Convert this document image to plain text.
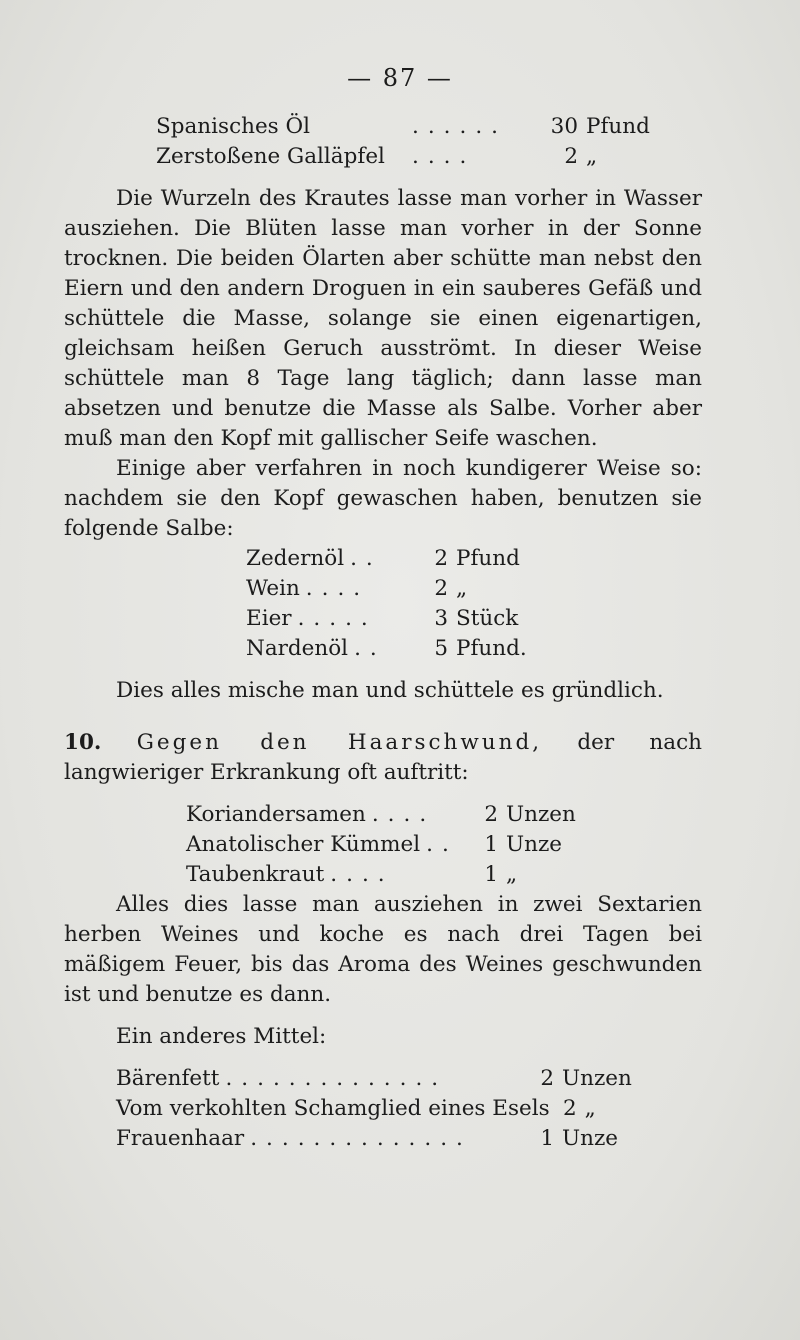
— 87 —
Spanisches Öl	......	30 Pfund
Zerstoßene Galläpfel	....	2 „

Die Wurzeln des Krautes lasse man vorher in Wasser ausziehen. Die Blüten lasse man vorher in der Sonne trocknen. Die beiden Ölarten aber schütte man nebst den Eiern und den andern Droguen in ein sauberes Gefäß und schüttele die Masse, solange sie einen eigenartigen, gleichsam heißen Geruch ausströmt. In dieser Weise schüttele man 8 Tage lang täglich; dann lasse man absetzen und benutze die Masse als Salbe. Vorher aber muß man den Kopf mit gallischer Seife waschen.

Einige aber verfahren in noch kundigerer Weise so: nachdem sie den Kopf gewaschen haben, benutzen sie folgende Salbe:

Zedernöl ..	2 Pfund
Wein ....	2 „
Eier .....	3 Stück
Nardenöl ..	5 Pfund.

Dies alles mische man und schüttele es gründlich.

10. Gegen den Haarschwund, der nach langwieriger Erkrankung oft auftritt:

Koriandersamen ....	2 Unzen
Anatolischer Kümmel ..	1 Unze
Taubenkraut ....	1 „

Alles dies lasse man ausziehen in zwei Sextarien herben Weines und koche es nach drei Tagen bei mäßigem Feuer, bis das Aroma des Weines geschwunden ist und benutze es dann.

Ein anderes Mittel:

Bärenfett ..............	2 Unzen
Vom verkohlten Schamglied eines Esels 2 „
Frauenhaar ..............	1 Unze
